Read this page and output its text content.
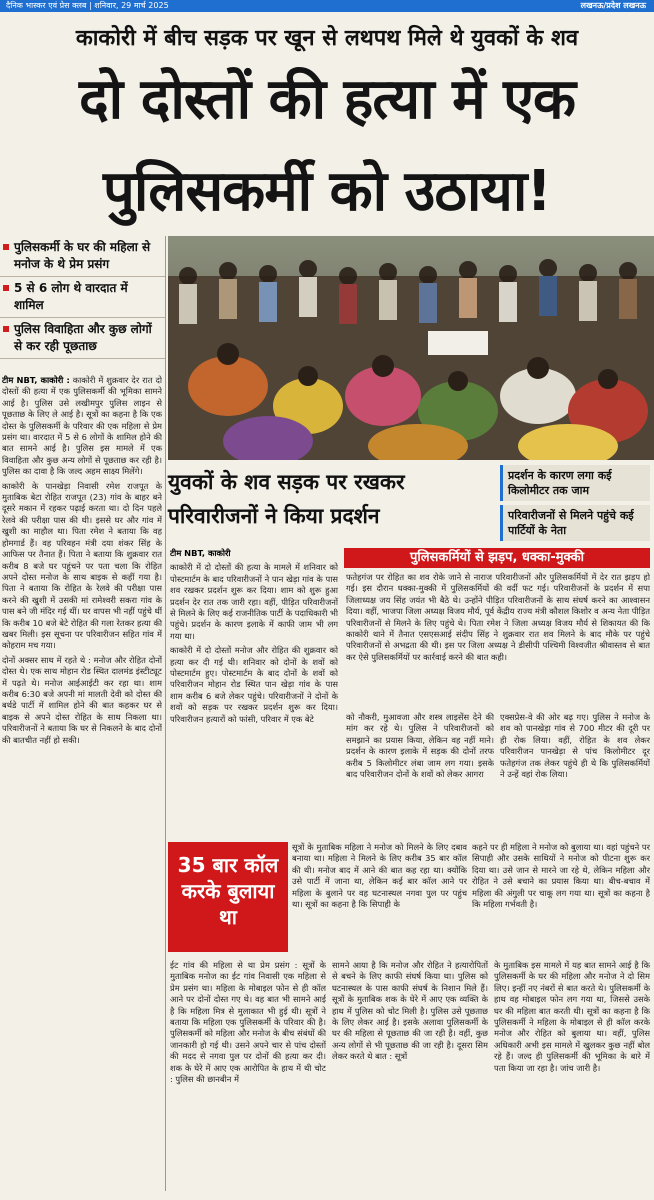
दैनिक भास्कर एवं प्रेस क्लब | शनिवार, 29 मार्च 2025	लखनऊ/प्रदेश लखनऊ
काकोरी में बीच सड़क पर खून से लथपथ मिले थे युवकों के शव
दो दोस्तों की हत्या में एक
पुलिसकर्मी को उठाया!
पुलिसकर्मी के घर की महिला से मनोज के थे प्रेम प्रसंग
5 से 6 लोग थे वारदात में शामिल
पुलिस विवाहिता और कुछ लोगों से कर रही पूछताछ
युवकों के शव सड़क पर रखकर
परिवारीजनों ने किया प्रदर्शन
प्रदर्शन के कारण लगा कई किलोमीटर तक जाम
परिवारीजनों से मिलने पहुंचे कई पार्टियों के नेता

टीम NBT, काकोरी : काकोरी में शुक्रवार देर रात दो दोस्तों की हत्या में एक पुलिसकर्मी की भूमिका सामने आई है। पुलिस उसे लखीमपुर पुलिस लाइन से पूछताछ के लिए ले आई है। सूत्रों का कहना है कि एक दोस्त के पुलिसकर्मी के परिवार की एक महिला से प्रेम प्रसंग था। वारदात में 5 से 6 लोगों के शामिल होने की बात सामने आई है। पुलिस इस मामले में एक विवाहिता और कुछ अन्य लोगों से पूछताछ कर रही है। पुलिस का दावा है कि जल्द अहम साक्ष्य मिलेंगे।

काकोरी के पानखेड़ा निवासी रमेश राजपूत के मुताबिक बेटा रोहित राजपूत (23) गांव के बाहर बने दूसरे मकान में रहकर पढ़ाई करता था। दो दिन पहले रेलवे की परीक्षा पास की थी। इससे घर और गांव में खुशी का माहौल था। पिता रमेश ने बताया कि वह होमगार्ड हैं। वह परिवहन मंत्री दया शंकर सिंह के आफिस पर तैनात हैं। पिता ने बताया कि शुक्रवार रात करीब 8 बजे घर पहुंचने पर पता चला कि रोहित अपने दोस्त मनोज के साथ बाइक से कहीं गया है। पिता ने बताया कि रोहित के रेलवे की परीक्षा पास करने की खुशी में उसकी मां रामेश्वरी सकरा गांव के पास बने जी मंदिर गई थीं। घर वापस भी नहीं पहुंचे थीं कि करीब 10 बजे बेटे रोहित की गला रेतकर हत्या की खबर मिली। इस सूचना पर परिवारीजन सहित गांव में कोहराम मच गया।

दोनों अक्सर साथ में रहते थे : मनोज और रोहित दोनों दोस्त थे। एक साथ मोहान रोड स्थित दालमंड इंस्टीट्यूट में पढ़ते थे। मनोज आईआईटी कर रहा था। शाम करीब 6:30 बजे अपनी मां मालती देवी को दोस्त की बर्थडे पार्टी में शामिल होने की बात कहकर घर से बाइक से अपने दोस्त रोहित के साथ निकला था। परिवारीजनों ने बताया कि घर से निकलने के बाद दोनों की बातचीत नहीं हो सकी।

टीम NBT, काकोरी

काकोरी में दो दोस्तों की हत्या के मामले में शनिवार को पोस्टमार्टम के बाद परिवारीजनों ने पान खेड़ा गांव के पास शव रखकर प्रदर्शन शुरू कर दिया। शाम को शुरू हुआ प्रदर्शन देर रात तक जारी रहा। वहीं, पीड़ित परिवारीजनों से मिलने के लिए कई राजनीतिक पार्टी के पदाधिकारी भी पहुंचे। प्रदर्शन के कारण इलाके में काफी जाम भी लग गया था।

काकोरी में दो दोस्तों मनोज और रोहित की शुक्रवार को हत्या कर दी गई थी। शनिवार को दोनों के शवों को पोस्टमार्टम हुए। पोस्टमार्टम के बाद दोनों के शवों को परिवारीजन मोहान रोड स्थित पान खेड़ा गांव के पास शाम करीब 6 बजे लेकर पहुंचे। परिवारीजनों ने दोनों के शवों को सड़क पर रखकर प्रदर्शन शुरू कर दिया। परिवारीजन हत्यारों को फांसी, परिवार में एक बेटे

पुलिसकर्मियों से झड़प, धक्का-मुक्की

फतेहगंज पर रोहित का शव रोके जाने से नाराज परिवारीजनों और पुलिसकर्मियों में देर रात झड़प हो गई। इस दौरान धक्का-मुक्की में पुलिसकर्मियों की वर्दी फट गई। परिवारीजनों के प्रदर्शन में सपा जिलाध्यक्ष जय सिंह जयंत भी बैठे थे। उन्होंने पीड़ित परिवारीजनों के साथ संघर्ष करने का आश्वासन दिया। वहीं, भाजपा जिला अध्यक्ष विजय मौर्य, पूर्व केंद्रीय राज्य मंत्री कौशल किशोर व अन्य नेता पीड़ित परिवारीजनों से मिलने के लिए पहुंचे थे। पिता रमेश ने जिला अध्यक्ष विजय मौर्य से शिकायत की कि काकोरी थाने में तैनात एसएसआई संदीप सिंह ने शुक्रवार रात शव मिलने के बाद मौके पर पहुंचे परिवारीजनों से अभद्रता की थी। इस पर जिला अध्यक्ष ने डीसीपी पश्चिमी विश्वजीत श्रीवास्तव से बात कर ऐसे पुलिसकर्मियों पर कार्रवाई करने की बात कही।

को नौकरी, मुआवजा और शस्त्र लाइसेंस देने की मांग कर रहे थे। पुलिस ने परिवारीजनों को समझाने का प्रयास किया, लेकिन वह नहीं माने। प्रदर्शन के कारण इलाके में सड़क की दोनों तरफ करीब 5 किलोमीटर लंबा जाम लग गया। इसके बाद परिवारीजन दोनों के शवों को लेकर आगरा

एक्सप्रेस-वे की ओर बढ़ गए। पुलिस ने मनोज के शव को पानखेड़ा गांव से 700 मीटर की दूरी पर ही रोक लिया। वहीं, रोहित के शव लेकर परिवारीजन पानखेड़ा से पांच किलोमीटर दूर फतेहगंज तक लेकर पहुंचे ही थे कि पुलिसकर्मियों ने उन्हें वहां रोक लिया।

35 बार कॉल करके बुलाया था

सूत्रों के मुताबिक महिला ने मनोज को मिलने के लिए दबाव बनाया था। महिला ने मिलने के लिए करीब 35 बार कॉल की थी। मनोज बाद में आने की बात कह रहा था। क्योंकि उसे पार्टी में जाना था, लेकिन कई बार कॉल आने पर महिला के बुलाने पर वह घटनास्थल नगवा पुल पर पहुंच था। सूत्रों का कहना है कि सिपाही के

कहने पर ही महिला ने मनोज को बुलाया था। वहां पहुंचने पर सिपाही और उसके साथियों ने मनोज को पीटना शुरू कर दिया था। उसे जान से मारने जा रहे थे, लेकिन महिला और रोहित ने उसे बचाने का प्रयास किया था। बीच-बचाव में महिला की अंगुली पर चाकू लग गया था। सूत्रों का कहना है कि महिला गर्भवती है।

ईट गांव की महिला से था प्रेम प्रसंग : सूत्रों के मुताबिक मनोज का ईट गांव निवासी एक महिला से प्रेम प्रसंग था। महिला के मोबाइल फोन से ही कॉल आने पर दोनों दोस्त गए थे। वह बात भी सामने आई है कि महिला मित्र से मुलाकात भी हुई थी। सूत्रों ने बताया कि महिला एक पुलिसकर्मी के परिवार की है। पुलिसकर्मी को महिला और मनोज के बीच संबंधों की जानकारी हो गई थी। उसने अपने चार से पांच दोस्तों की मदद से नगवा पुल पर दोनों की हत्या कर दी। शक के घेरे में आए एक आरोपित के हाथ में थी चोट : पुलिस की छानबीन में

सामने आया है कि मनोज और रोहित ने हत्यारोपितों से बचने के लिए काफी संघर्ष किया था। पुलिस को घटनास्थल के पास काफी संघर्ष के निशान मिले हैं। सूत्रों के मुताबिक शक के घेरे में आए एक व्यक्ति के हाथ में पुलिस को चोट मिली है। पुलिस उसे पूछताछ के लिए लेकर आई है। इसके अलावा पुलिसकर्मी के घर की महिला से पूछताछ की जा रही है। वहीं, कुछ अन्य लोगों से भी पूछताछ की जा रही है। दूसरा सिम लेकर करते थे बात : सूत्रों

के मुताबिक इस मामले में यह बात सामने आई है कि पुलिसकर्मी के घर की महिला और मनोज ने दो सिम लिए। इन्हीं नए नंबरों से बात करते थे। पुलिसकर्मी के हाथ वह मोबाइल फोन लग गया था, जिससे उसके घर की महिला बात करती थी। सूत्रों का कहना है कि पुलिसकर्मी ने महिला के मोबाइल से ही कॉल करके मनोज और रोहित को बुलाया था। वहीं, पुलिस अधिकारी अभी इस मामले में खुलकर कुछ नहीं बोल रहे हैं। जल्द ही पुलिसकर्मी की भूमिका के बारे में पता किया जा रहा है। जांच जारी है।
